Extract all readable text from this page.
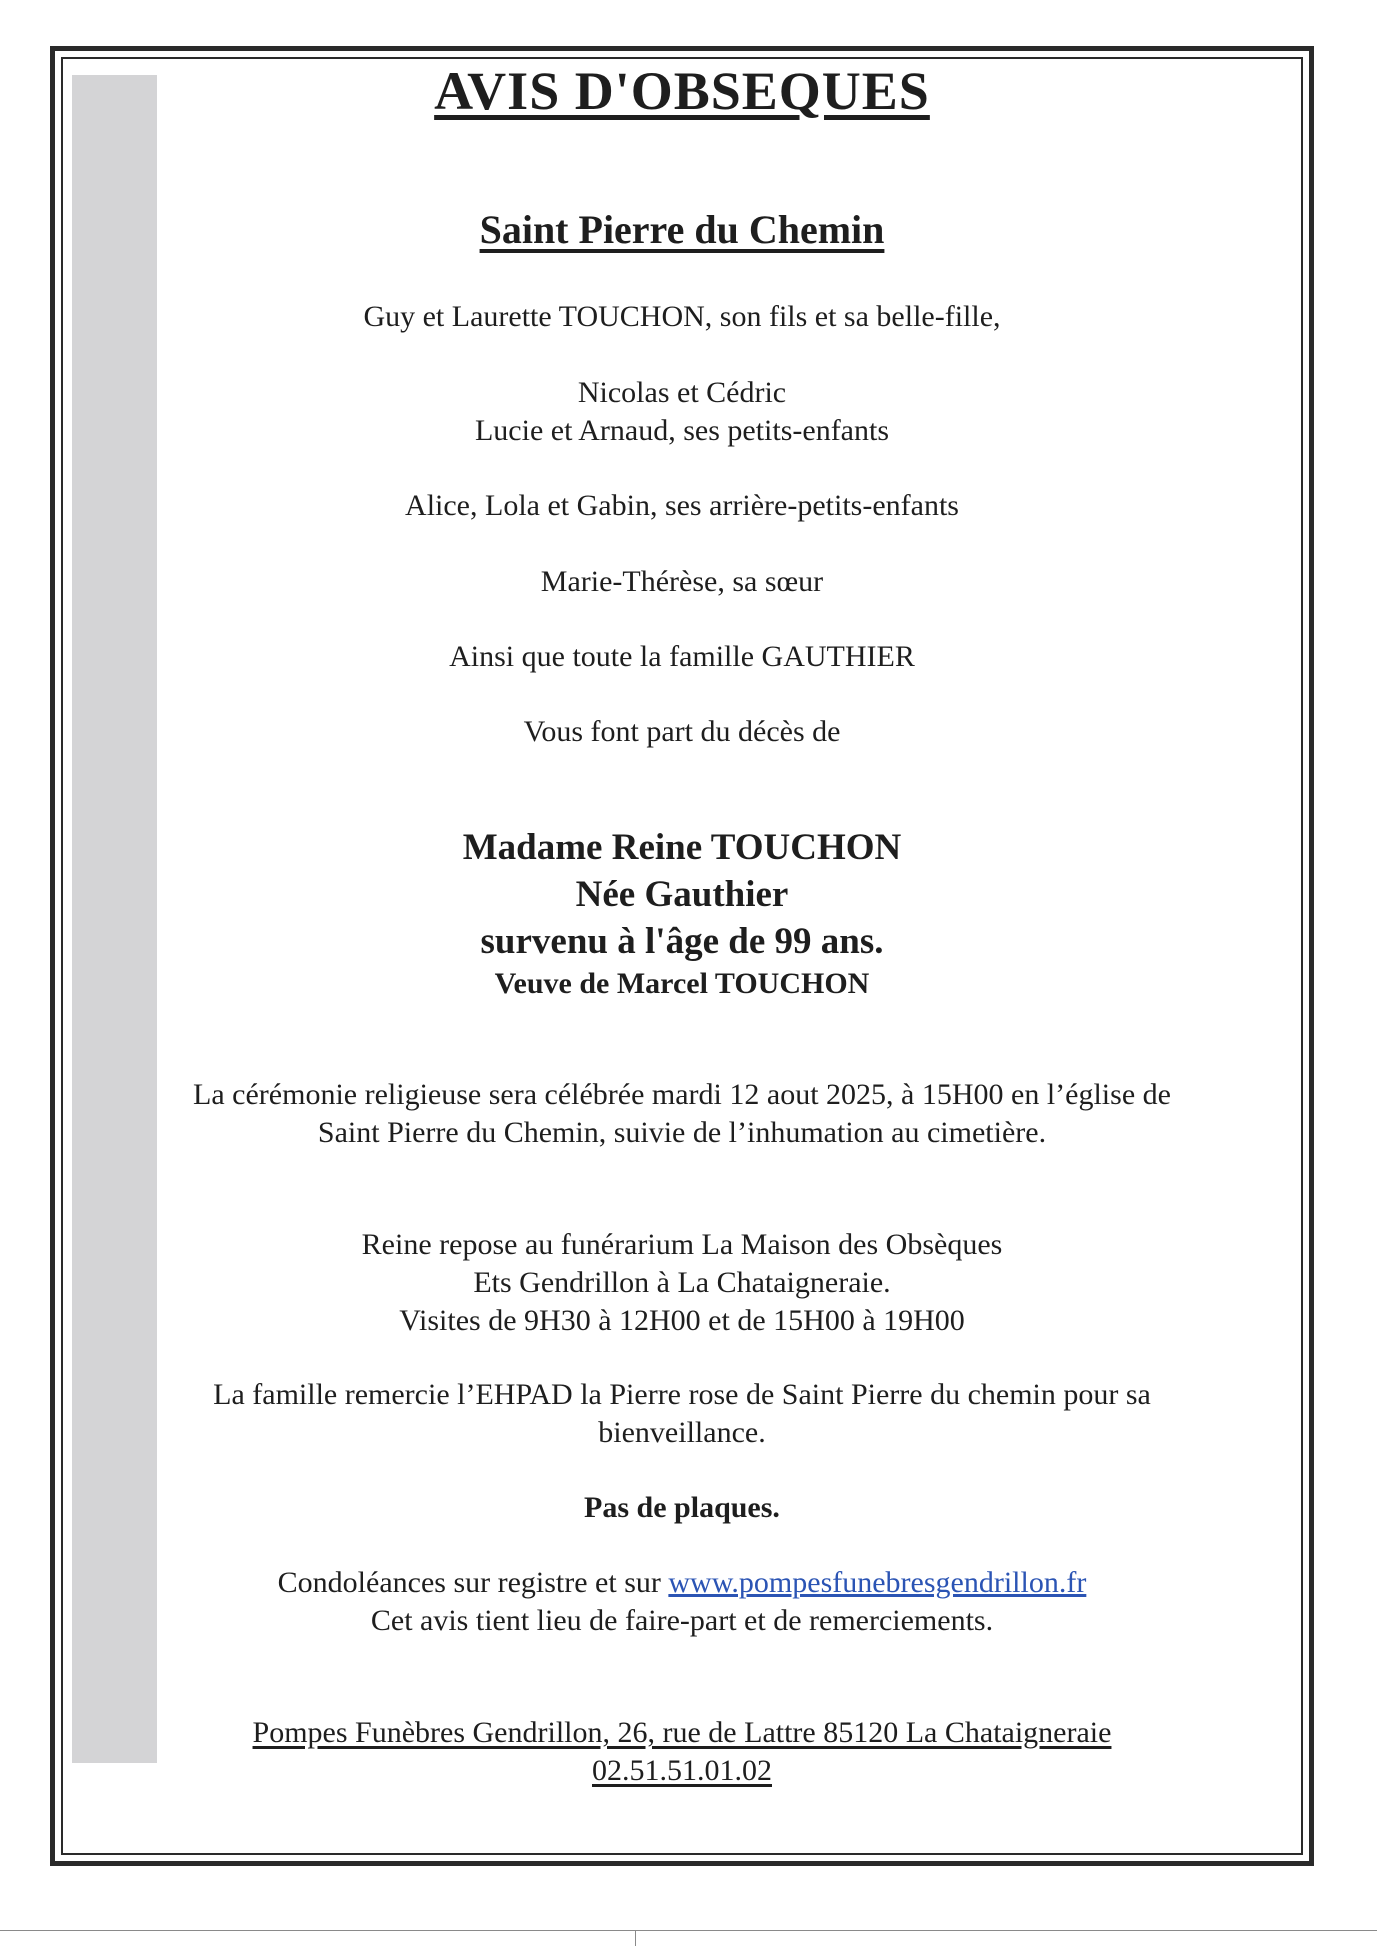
AVIS D'OBSEQUES
Saint Pierre du Chemin
Guy et Laurette TOUCHON, son fils et sa belle-fille,
Nicolas et Cédric
Lucie et Arnaud, ses petits-enfants
Alice, Lola et Gabin, ses arrière-petits-enfants
Marie-Thérèse, sa sœur
Ainsi que toute la famille GAUTHIER
Vous font part du décès de
Madame Reine TOUCHON
Née Gauthier
survenu à l'âge de 99 ans.
Veuve de Marcel TOUCHON
La cérémonie religieuse sera célébrée mardi 12 aout 2025, à 15H00 en l’église de
Saint Pierre du Chemin, suivie de l’inhumation au cimetière.
Reine repose au funérarium La Maison des Obsèques
Ets Gendrillon à La Chataigneraie.
Visites de 9H30 à 12H00 et de 15H00 à 19H00
La famille remercie l’EHPAD la Pierre rose de Saint Pierre du chemin pour sa
bienveillance.
Pas de plaques.
Condoléances sur registre et sur www.pompesfunebresgendrillon.fr
Cet avis tient lieu de faire-part et de remerciements.
Pompes Funèbres Gendrillon, 26, rue de Lattre 85120 La Chataigneraie
02.51.51.01.02
